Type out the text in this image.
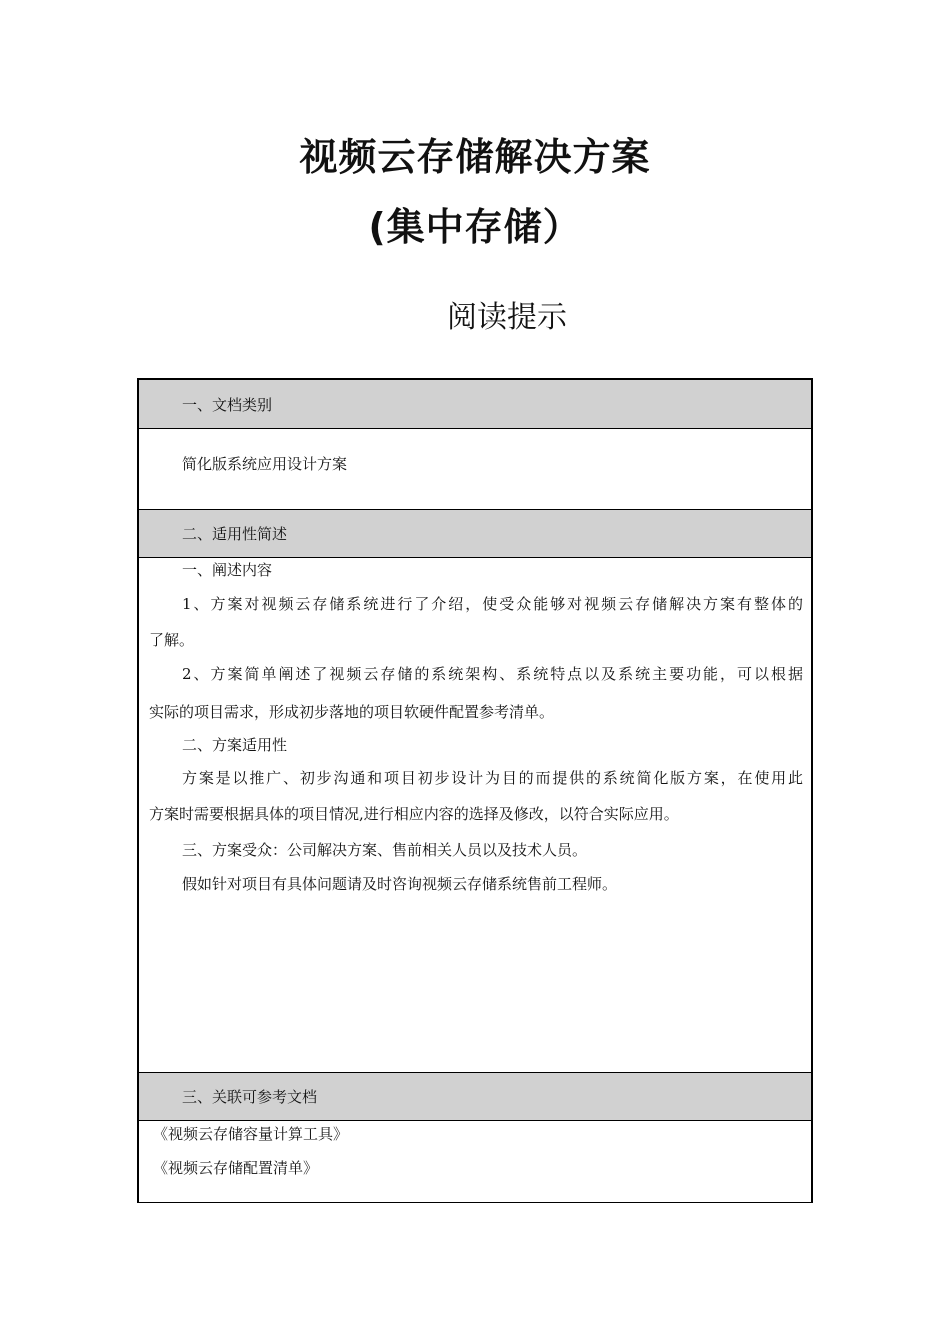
视频云存储解决方案
(集中存储）

阅读提示

一、文档类别

简化版系统应用设计方案

二、适用性简述

一、阐述内容

1、方案对视频云存储系统进行了介绍，使受众能够对视频云存储解决方案有整体的

了解。

2、方案简单阐述了视频云存储的系统架构、系统特点以及系统主要功能，可以根据

实际的项目需求，形成初步落地的项目软硬件配置参考清单。

二、方案适用性

方案是以推广、初步沟通和项目初步设计为目的而提供的系统简化版方案，在使用此

方案时需要根据具体的项目情况,进行相应内容的选择及修改，以符合实际应用。

三、方案受众：公司解决方案、售前相关人员以及技术人员。

假如针对项目有具体问题请及时咨询视频云存储系统售前工程师。

三、关联可参考文档

《视频云存储容量计算工具》

《视频云存储配置清单》
